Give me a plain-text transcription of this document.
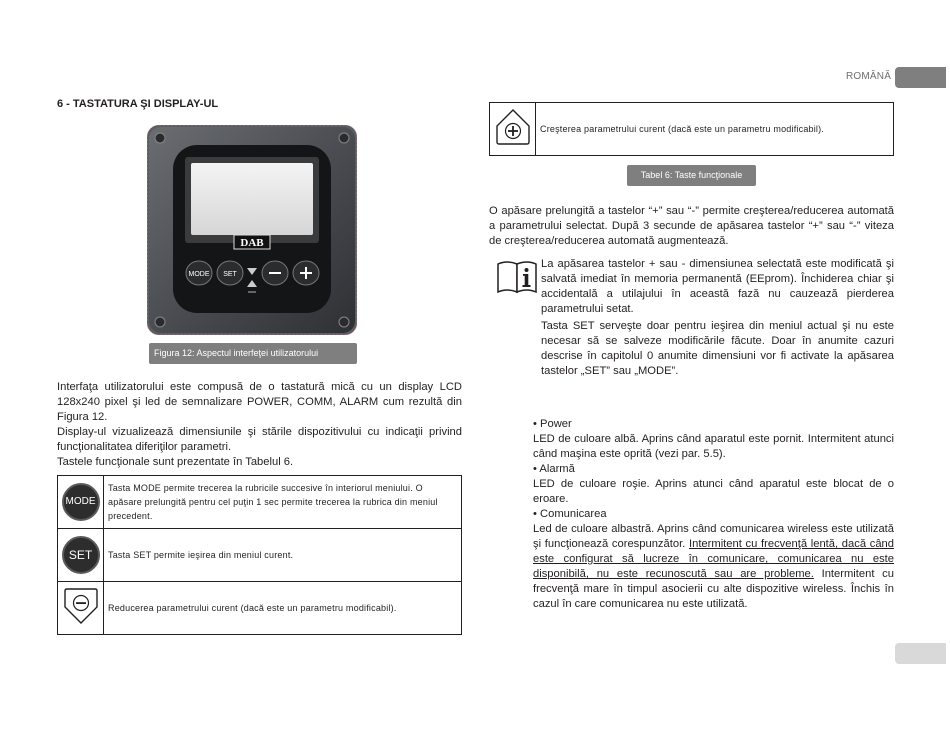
ROMÂNĂ
6 - TASTATURA ŞI DISPLAY-UL
DAB
MODE SET
Figura 12: Aspectul interfeţei utilizatorului

Interfaţa utilizatorului este compusă de o tastatură mică cu un display LCD 128x240 pixel şi led de semnalizare POWER, COMM, ALARM cum rezultă din Figura 12.

Display-ul vizualizează dimensiunile şi stările dispozitivului cu indicaţii privind funcţionalitatea diferiţilor parametri.

Tastele funcţionale sunt prezentate în Tabelul 6.

MODE	Tasta MODE permite trecerea la rubricile succesive în interiorul meniului. O apăsare prelungită pentru cel puţin 1 sec permite trecerea la rubrica din meniul precedent.

SET	Tasta SET permite ieşirea din meniul curent.
	Reducerea parametrului curent (dacă este un parametru modificabil).
	Creşterea parametrului curent (dacă este un parametru modificabil).
Tabel 6: Taste funcţionale
O apăsare prelungită a tastelor “+” sau “-” permite creşterea/reducerea automată a parametrului selectat. După 3 secunde de apăsarea tastelor “+” sau “-” viteza de creşterea/reducerea automată augmentează.

La apăsarea tastelor + sau - dimensiunea selectată este modificată şi salvată imediat în memoria permanentă (EEprom). Închiderea chiar şi accidentală a utilajului în această fază nu cauzează pierderea parametrului setat.

Tasta SET serveşte doar pentru ieşirea din meniul actual şi nu este necesar să se salveze modificările făcute. Doar în anumite cazuri descrise în capitolul 0 anumite dimensiuni vor fi activate la apăsarea tastelor „SET” sau „MODE”.

• Power

LED de culoare albă. Aprins când aparatul este pornit. Intermitent atunci când maşina este oprită (vezi par. 5.5).

• Alarmă

LED de culoare roşie. Aprins atunci când aparatul este blocat de o eroare.

• Comunicarea

Led de culoare albastră. Aprins când comunicarea wireless este utilizată şi funcţionează corespunzător. Intermitent cu frecvenţă lentă, dacă când este configurat să lucreze în comunicare, comunicarea nu este disponibilă, nu este recunoscută sau are probleme. Intermitent cu frecvenţă mare în timpul asocierii cu alte dispozitive wireless. Închis în cazul în care comunicarea nu este utilizată.
